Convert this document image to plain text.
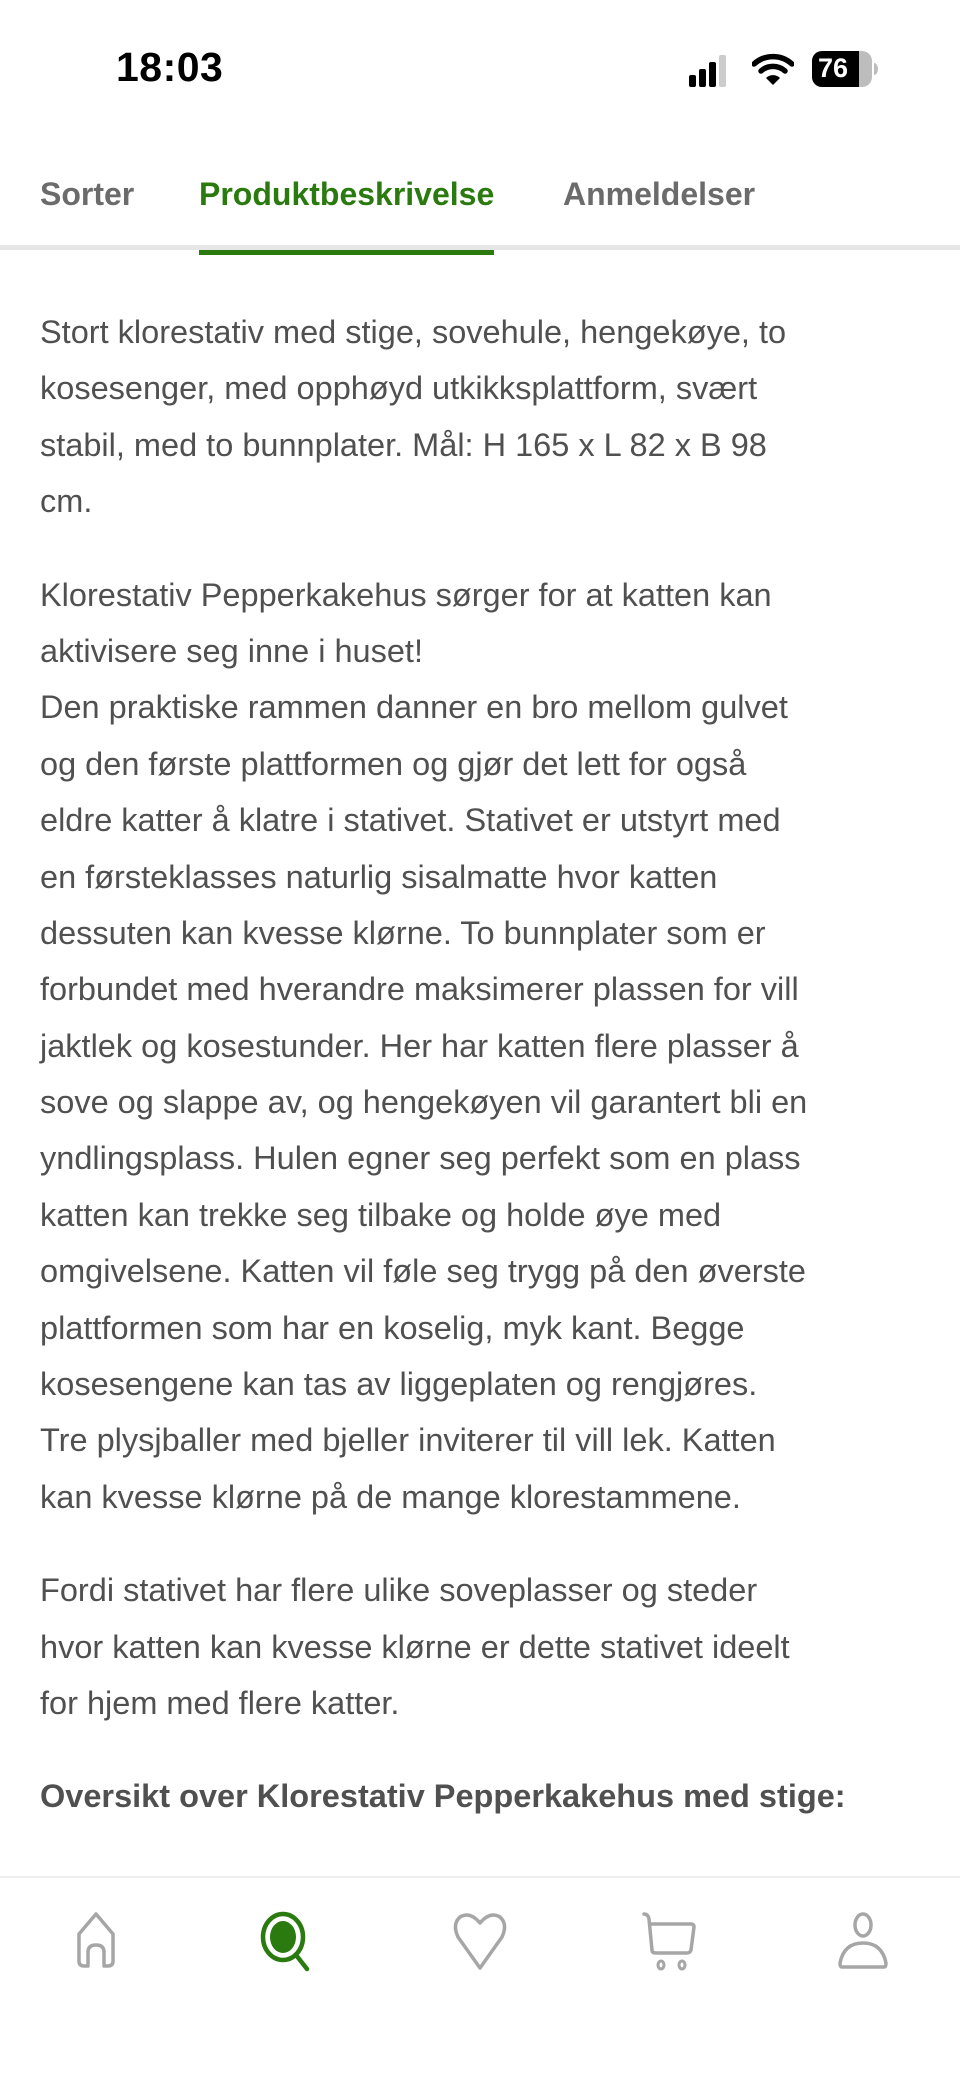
18:03	76
Sorter Produktbeskrivelse Anmeldelser

Stort klorestativ med stige, sovehule, hengekøye, to
kosesenger, med opphøyd utkikksplattform, svært
stabil, med to bunnplater. Mål: H 165 x L 82 x B 98
cm.

Klorestativ Pepperkakehus sørger for at katten kan
aktivisere seg inne i huset!
Den praktiske rammen danner en bro mellom gulvet
og den første plattformen og gjør det lett for også
eldre katter å klatre i stativet. Stativet er utstyrt med
en førsteklasses naturlig sisalmatte hvor katten
dessuten kan kvesse klørne. To bunnplater som er
forbundet med hverandre maksimerer plassen for vill
jaktlek og kosestunder. Her har katten flere plasser å
sove og slappe av, og hengekøyen vil garantert bli en
yndlingsplass. Hulen egner seg perfekt som en plass
katten kan trekke seg tilbake og holde øye med
omgivelsene. Katten vil føle seg trygg på den øverste
plattformen som har en koselig, myk kant. Begge
kosesengene kan tas av liggeplaten og rengjøres.
Tre plysjballer med bjeller inviterer til vill lek. Katten
kan kvesse klørne på de mange klorestammene.

Fordi stativet har flere ulike soveplasser og steder
hvor katten kan kvesse klørne er dette stativet ideelt
for hjem med flere katter.

Oversikt over Klorestativ Pepperkakehus med stige:
